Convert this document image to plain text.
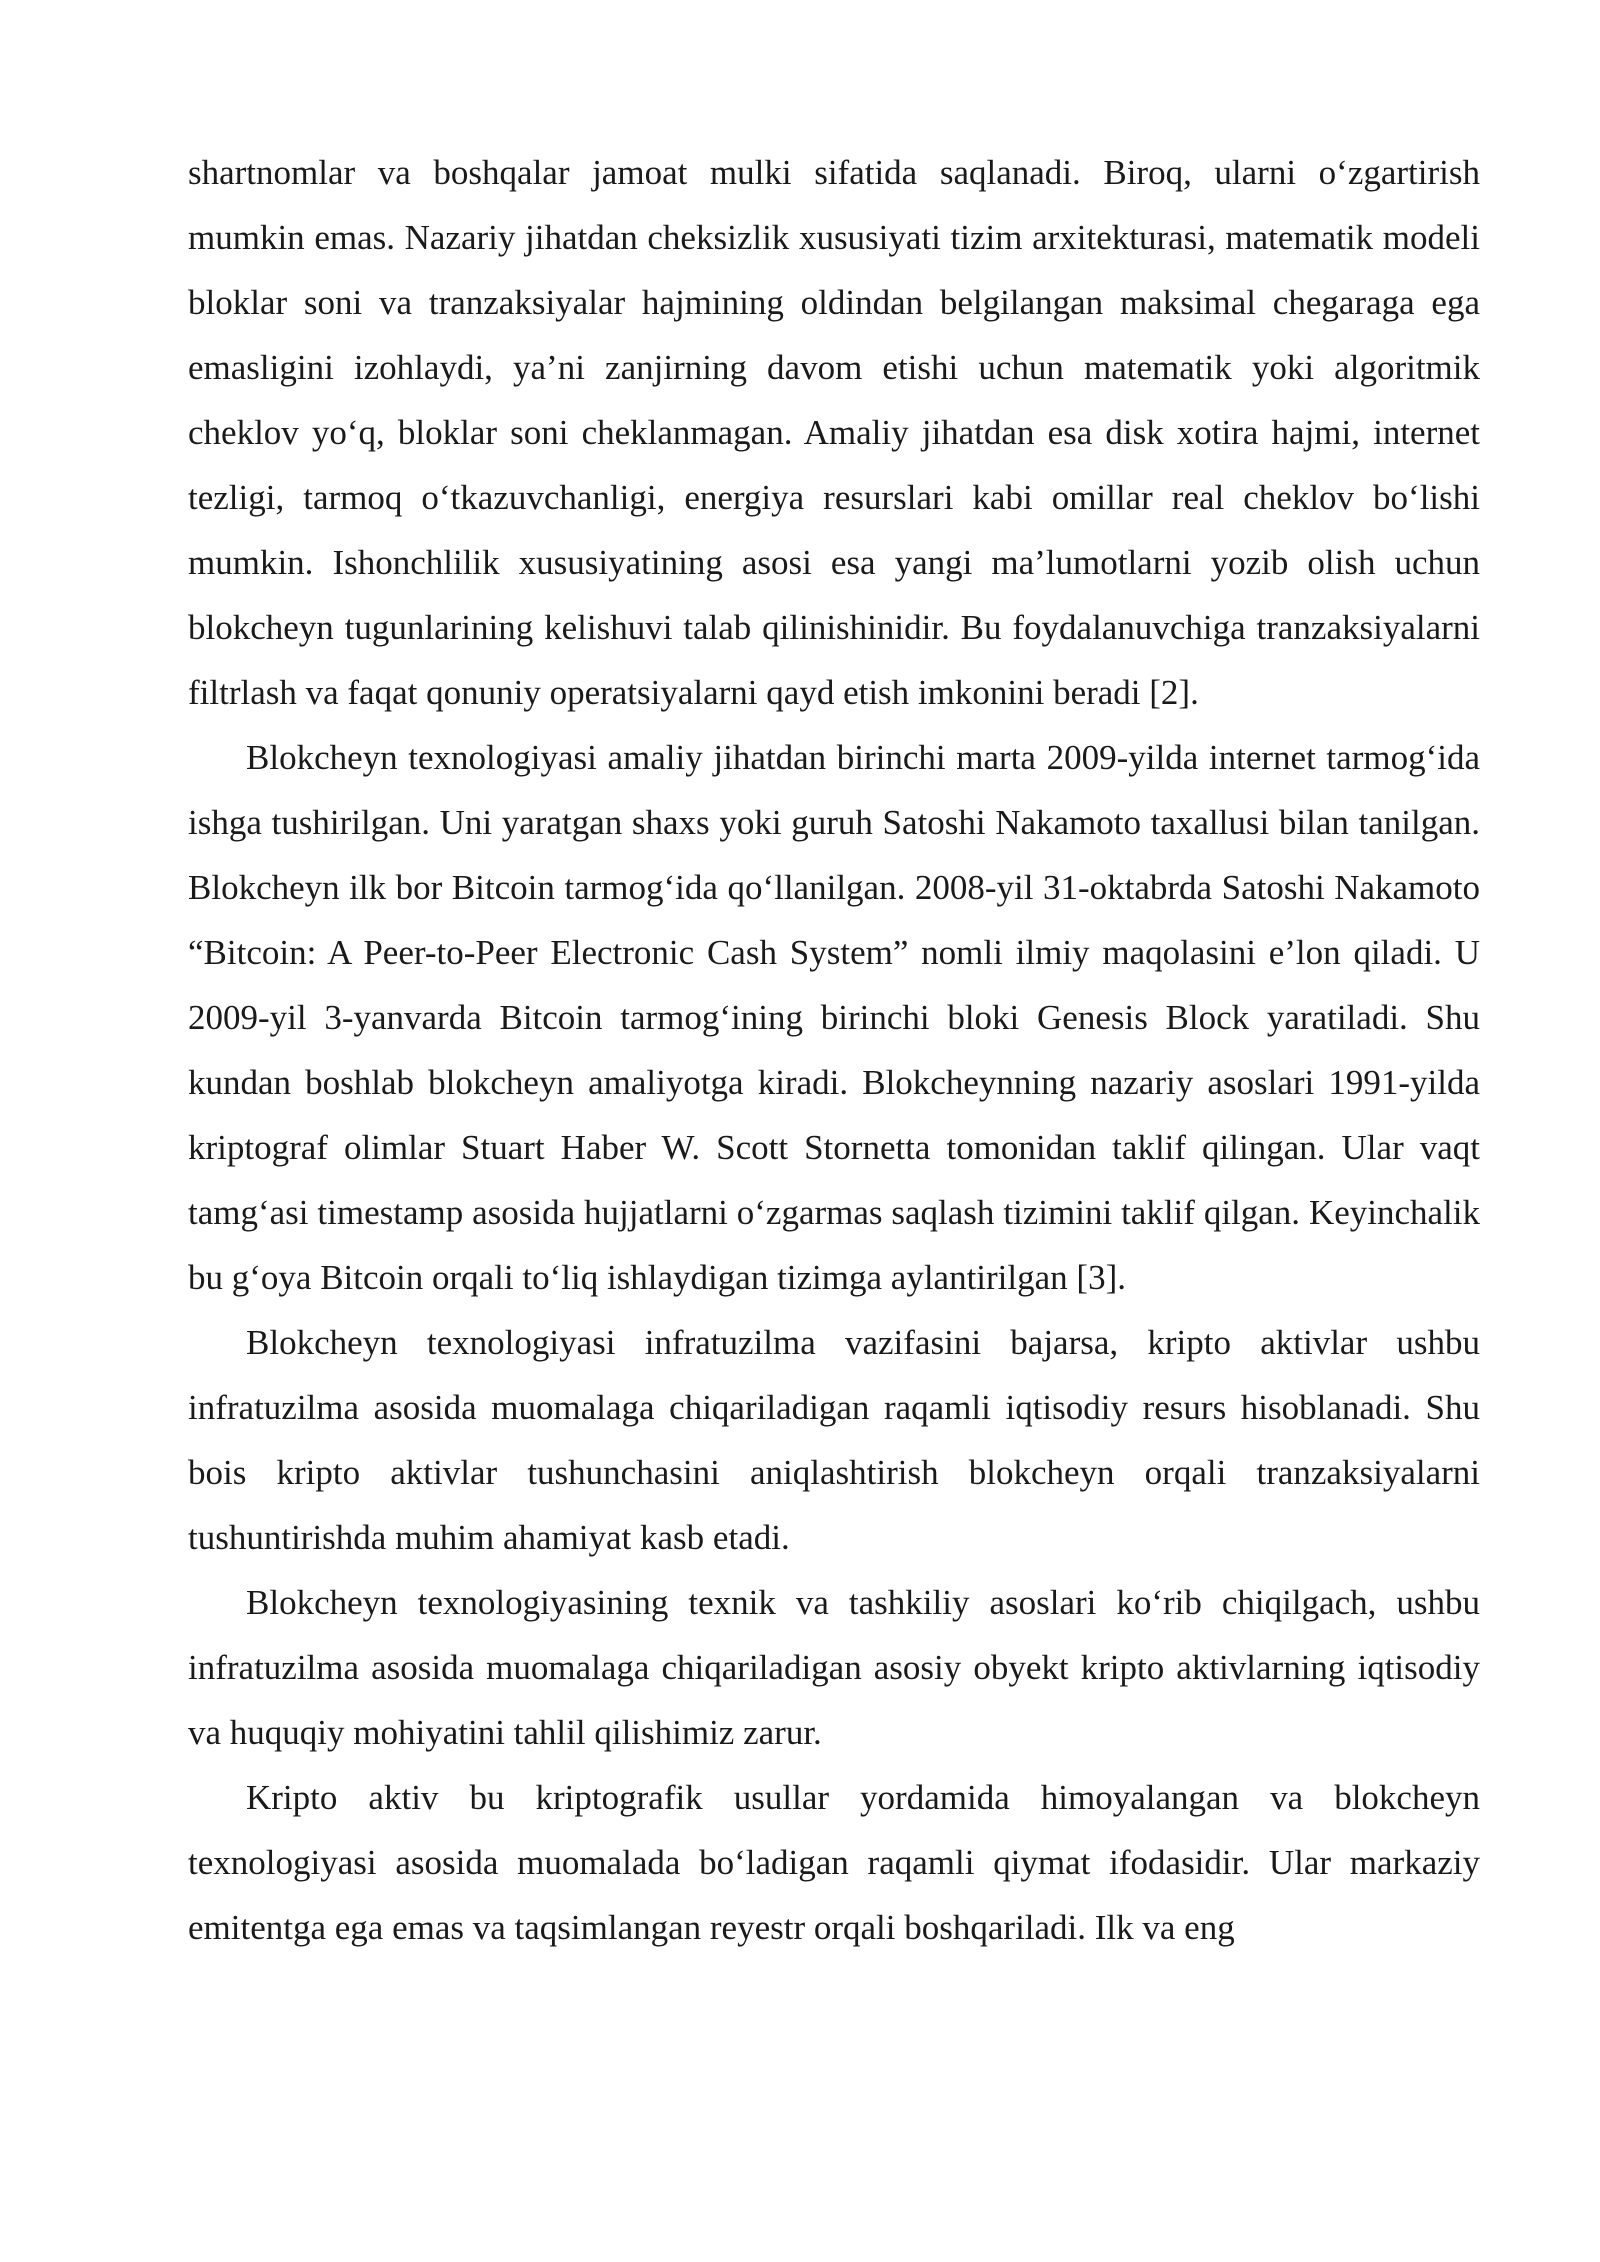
shartnomlar va boshqalar jamoat mulki sifatida saqlanadi. Biroq, ularni o‘zgartirish mumkin emas. Nazariy jihatdan cheksizlik xususiyati tizim arxitekturasi, matematik modeli bloklar soni va tranzaksiyalar hajmining oldindan belgilangan maksimal chegaraga ega emasligini izohlaydi, ya’ni zanjirning davom etishi uchun matematik yoki algoritmik cheklov yo‘q, bloklar soni cheklanmagan. Amaliy jihatdan esa disk xotira hajmi, internet tezligi, tarmoq o‘tkazuvchanligi, energiya resurslari kabi omillar real cheklov bo‘lishi mumkin. Ishonchlilik xususiyatining asosi esa yangi ma’lumotlarni yozib olish uchun blokcheyn tugunlarining kelishuvi talab qilinishinidir. Bu foydalanuvchiga tranzaksiyalarni filtrlash va faqat qonuniy operatsiyalarni qayd etish imkonini beradi [2].

Blokcheyn texnologiyasi amaliy jihatdan birinchi marta 2009-yilda internet tarmog‘ida ishga tushirilgan. Uni yaratgan shaxs yoki guruh Satoshi Nakamoto taxallusi bilan tanilgan. Blokcheyn ilk bor Bitcoin tarmog‘ida qo‘llanilgan. 2008-yil 31-oktabrda Satoshi Nakamoto “Bitcoin: A Peer-to-Peer Electronic Cash System” nomli ilmiy maqolasini e’lon qiladi. U 2009-yil 3-yanvarda Bitcoin tarmog‘ining birinchi bloki Genesis Block yaratiladi. Shu kundan boshlab blokcheyn amaliyotga kiradi. Blokcheynning nazariy asoslari 1991-yilda kriptograf olimlar Stuart Haber W. Scott Stornetta tomonidan taklif qilingan. Ular vaqt tamg‘asi timestamp asosida hujjatlarni o‘zgarmas saqlash tizimini taklif qilgan. Keyinchalik bu g‘oya Bitcoin orqali to‘liq ishlaydigan tizimga aylantirilgan [3].

Blokcheyn texnologiyasi infratuzilma vazifasini bajarsa, kripto aktivlar ushbu infratuzilma asosida muomalaga chiqariladigan raqamli iqtisodiy resurs hisoblanadi. Shu bois kripto aktivlar tushunchasini aniqlashtirish blokcheyn orqali tranzaksiyalarni tushuntirishda muhim ahamiyat kasb etadi.

Blokcheyn texnologiyasining texnik va tashkiliy asoslari ko‘rib chiqilgach, ushbu infratuzilma asosida muomalaga chiqariladigan asosiy obyekt kripto aktivlarning iqtisodiy va huquqiy mohiyatini tahlil qilishimiz zarur.

Kripto aktiv bu kriptografik usullar yordamida himoyalangan va blokcheyn texnologiyasi asosida muomalada bo‘ladigan raqamli qiymat ifodasidir. Ular markaziy emitentga ega emas va taqsimlangan reyestr orqali boshqariladi. Ilk va eng
